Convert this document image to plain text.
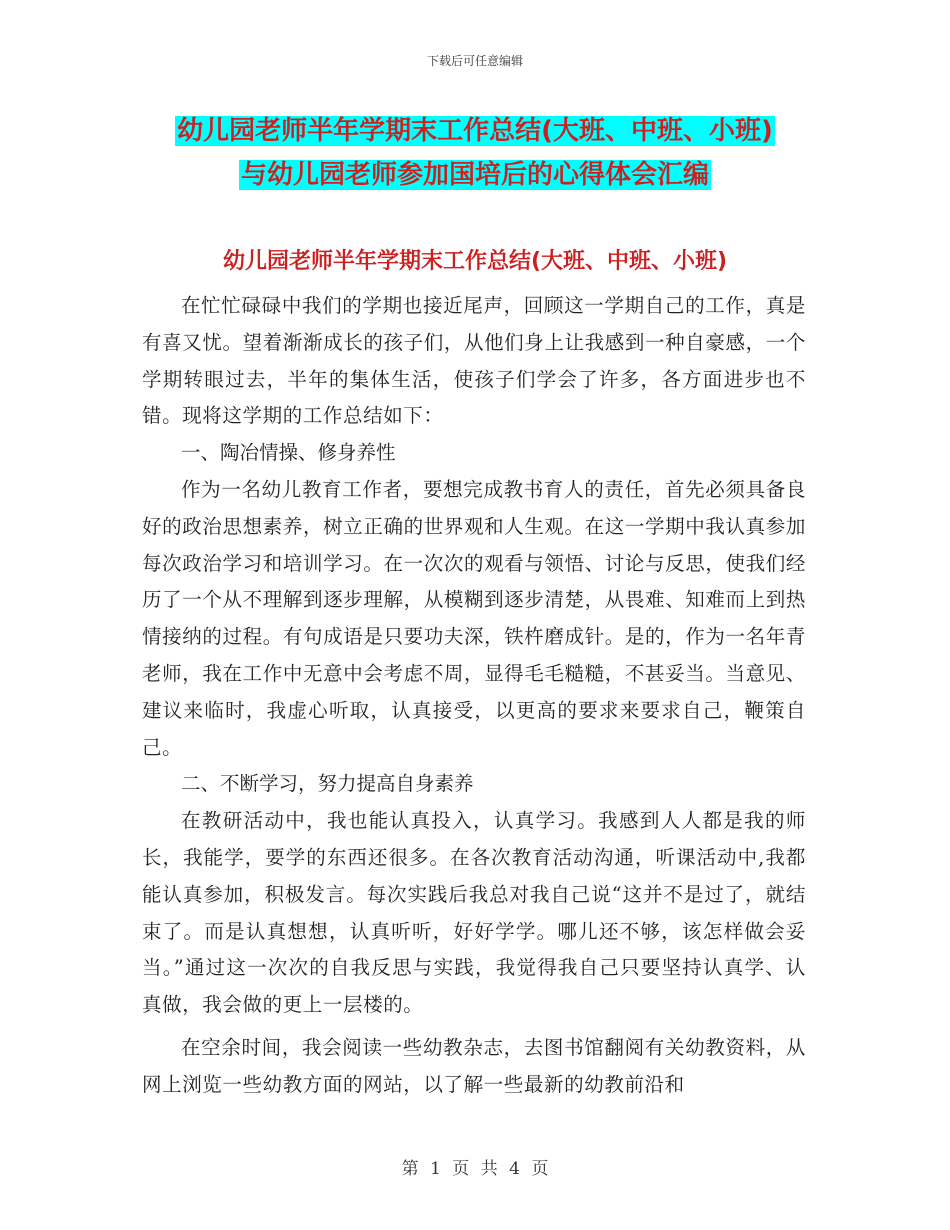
下载后可任意编辑
幼儿园老师半年学期末工作总结(大班、中班、小班)
与幼儿园老师参加国培后的心得体会汇编
幼儿园老师半年学期末工作总结(大班、中班、小班)

在忙忙碌碌中我们的学期也接近尾声，回顾这一学期自己的工作，真是有喜又忧。望着渐渐成长的孩子们，从他们身上让我感到一种自豪感，一个学期转眼过去，半年的集体生活，使孩子们学会了许多，各方面进步也不错。现将这学期的工作总结如下：

一、陶冶情操、修身养性

作为一名幼儿教育工作者，要想完成教书育人的责任，首先必须具备良好的政治思想素养，树立正确的世界观和人生观。在这一学期中我认真参加每次政治学习和培训学习。在一次次的观看与领悟、讨论与反思，使我们经历了一个从不理解到逐步理解，从模糊到逐步清楚，从畏难、知难而上到热情接纳的过程。有句成语是只要功夫深，铁杵磨成针。是的，作为一名年青老师，我在工作中无意中会考虑不周，显得毛毛糙糙，不甚妥当。当意见、建议来临时，我虚心听取，认真接受，以更高的要求来要求自己，鞭策自己。

二、不断学习，努力提高自身素养

在教研活动中，我也能认真投入，认真学习。我感到人人都是我的师长，我能学，要学的东西还很多。在各次教育活动沟通，听课活动中,我都能认真参加，积极发言。每次实践后我总对我自己说“这并不是过了，就结束了。而是认真想想，认真听听，好好学学。哪儿还不够，该怎样做会妥当。”通过这一次次的自我反思与实践，我觉得我自己只要坚持认真学、认真做，我会做的更上一层楼的。

在空余时间，我会阅读一些幼教杂志，去图书馆翻阅有关幼教资料，从网上浏览一些幼教方面的网站，以了解一些最新的幼教前沿和

第 1 页 共 4 页
